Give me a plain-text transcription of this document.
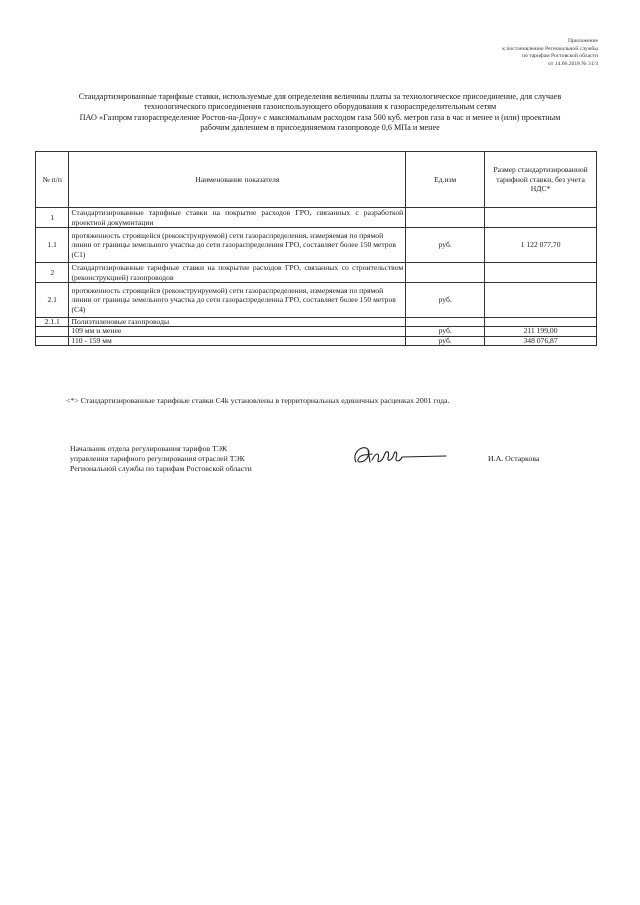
Приложение
к постановлению Региональной службы
по тарифам Ростовской области
от 14.06.2018 № 31/3
Стандартизированные тарифные ставки, используемые для определения величины платы за технологическое присоединение, для случаев
технологического присоединения газоиспользующего оборудования к газораспределительным сетям
ПАО «Газпром газораспределение Ростов-на-Дону» с максимальным расходом газа 500 куб. метров газа в час и менее и (или) проектным
рабочим давлением в присоединяемом газопроводе 0,6 МПа и менее
№ п/п	Наименование показателя	Ед.изм	Размер стандартизированной тарифной ставки, без учета НДС*
1	Стандартизированные тарифные ставки на покрытие расходов ГРО, связанных с разработкой проектной документации		
1.1	протяженность строящейся (реконструируемой) сети газораспределения, измеряемая по прямой линии от границы земельного участка до сети газораспределения ГРО, составляет более 150 метров (С1)	руб.	1 122 077,70
2	Стандартизированные тарифные ставки на покрытие расходов ГРО, связанных со строительством (реконструкцией) газопроводов		
2.1	протяженность строящейся (реконструируемой) сети газораспределения, измеряемая по прямой линии от границы земельного участка до сети газораспределенна ГРО, составляет более 150 метров (С4)	руб.	
2.1.1	Полиэтиленовые газопроводы		
	109 мм и менее	руб.	211 199,00
	110 - 159 мм	руб.	348 076,87
<*> Стандартизированные тарифные ставки С4k установлены в территориальных единичных расценках 2001 года.
Начальник отдела регулирования тарифов ТЭК
управления тарифного регулирования отраслей ТЭК
Региональной службы по тарифам Ростовской области
И.А. Остаркова
